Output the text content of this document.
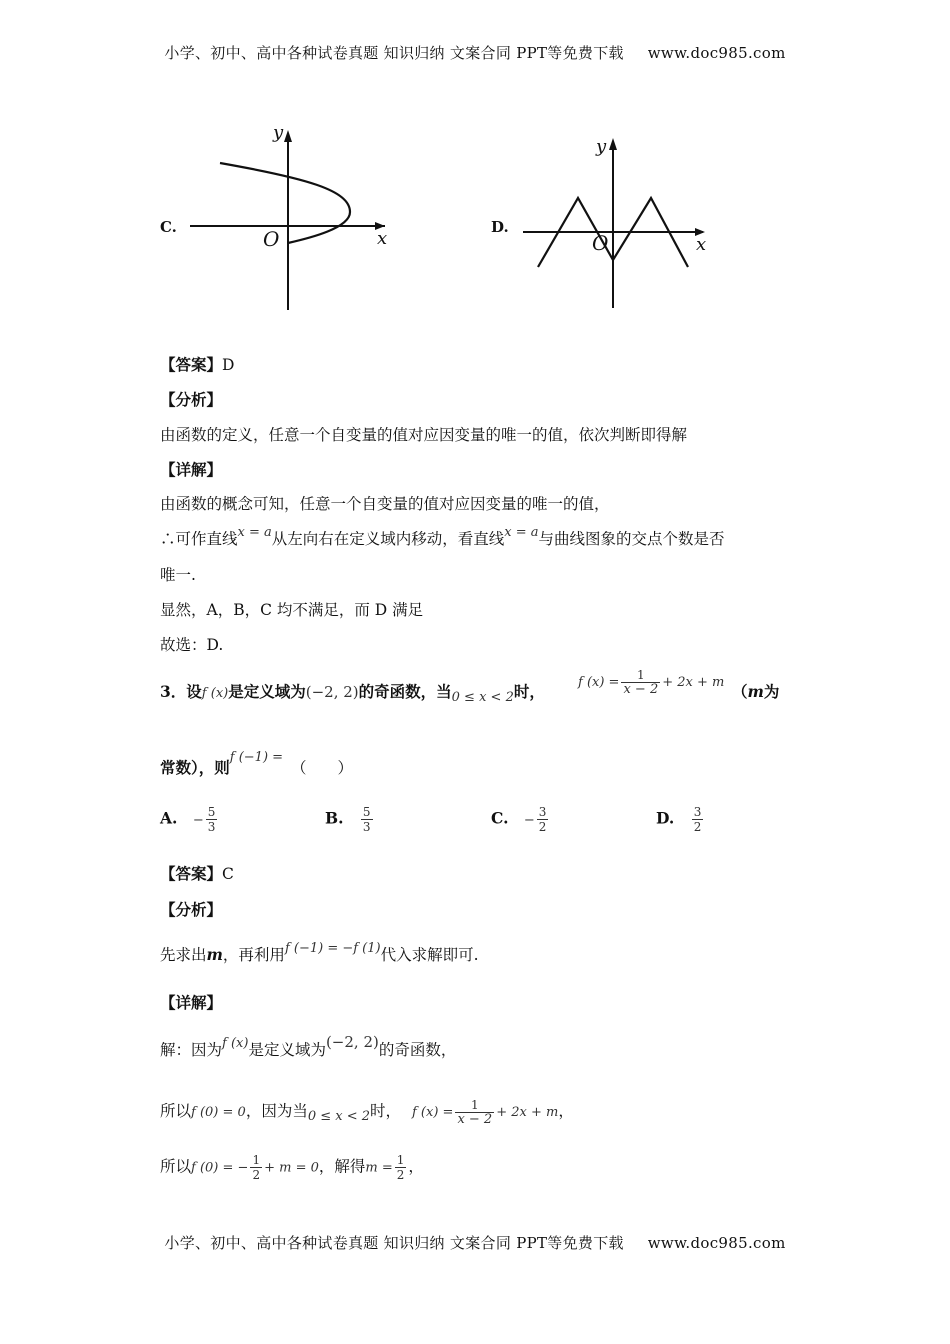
小学、初中、高中各种试卷真题 知识归纳 文案合同 PPT等免费下载 www.doc985.com
C.
y
x
O	D.
y
x
O
【答案】D
【分析】
由函数的定义，任意一个自变量的值对应因变量的唯一的值，依次判断即得解
【详解】
由函数的概念可知，任意一个自变量的值对应因变量的唯一的值，
∴可作直线$^{x = a}$从左向右在定义域内移动，看直线$^{x = a}$与曲线图象的交点个数是否
唯一.
显然，A，B，C 均不满足，而 D 满足
故选：D.
3．设f (x)是定义域为(−2, 2)的奇函数，当$_{0 \le x < 2}$时，	f $(x) = \frac{1}{x - 2} + 2x + m$ （m为
常数），则f (−1) =（　　）
A. − $\frac{5}{3}$	B. $\frac{5}{3}$	C. − $\frac{3}{2}$	D. $\frac{3}{2}$
【答案】C
【分析】
先求出m，再利用$^{f (-1) = -f (1)}$代入求解即可.
【详解】
解：因为$^{f (x)}$是定义域为(−2, 2)的奇函数，
所以f (0) = 0，因为当$_{0 \le x < 2}$时， f $(x) = \frac{1}{x - 2} + 2x + m$，
所以f (0) = − $\frac{1}{2} + m = 0$，解得$m = \frac{1}{2}$ ，
小学、初中、高中各种试卷真题 知识归纳 文案合同 PPT等免费下载 www.doc985.com
